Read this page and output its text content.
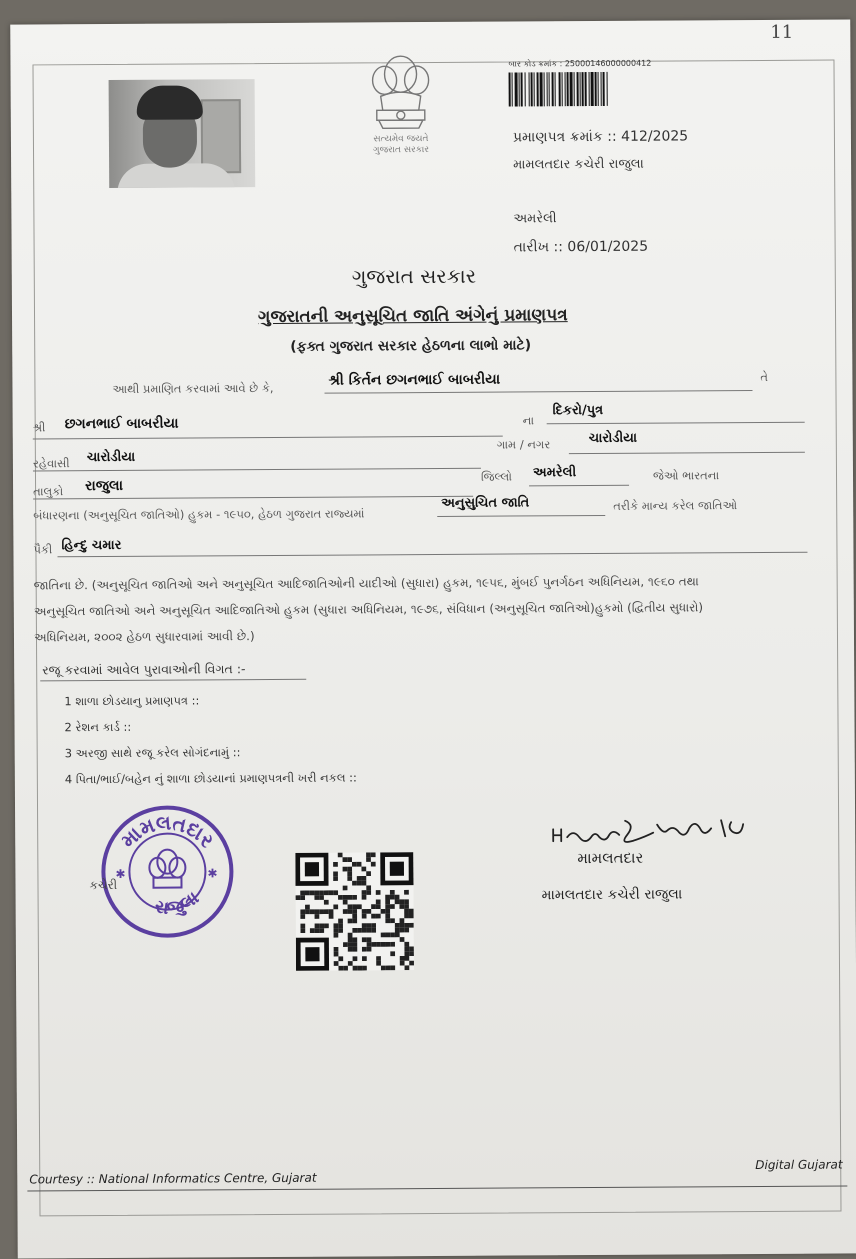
11
સત્યમેવ જયતે
ગુજરાત સરકાર
બાર કોડ ક્રમાંક : 25000146000000412
પ્રમાણપત્ર ક્રમાંક :: 412/2025
મામલતદાર કચેરી રાજુલા
અમરેલી
તારીખ :: 06/01/2025
ગુજરાત સરકાર
ગુજરાતની અનુસૂચિત જાતિ અંગેનું પ્રમાણપત્ર
(ફક્ત ગુજરાત સરકાર હેઠળના લાભો માટે)
આથી પ્રમાણિત કરવામાં આવે છે કે,	શ્રી કિર્તન છગનભાઈ બાબરીયા	તે
શ્રી છગનભાઈ બાબરીયા	ના
દિકરો/પુત્ર
રહેવાસી ચારોડીયા
ગામ / નગર	ચારોડીયા
તાલુકો રાજુલા
જિલ્લો અમરેલી	જેઓ ભારતના
બંધારણના (અનુસૂચિત જાતિઓ) હુકમ - ૧૯૫૦, હેઠળ ગુજરાત રાજ્યમાં
અનુસુચિત જાતિ	તરીકે માન્ય કરેલ જાતિઓ
પૈકી હિન્દુ ચમાર
જાતિના છે. (અનુસૂચિત જાતિઓ અને અનુસૂચિત આદિજાતિઓની યાદીઓ (સુધારા) હુકમ, ૧૯૫૬, મુંબઈ પુનર્ગઠન અધિનિયમ, ૧૯૬૦ તથા
અનુસૂચિત જાતિઓ અને અનુસૂચિત આદિજાતિઓ હુકમ (સુધારા અધિનિયમ, ૧૯૭૬, સંવિધાન (અનુસૂચિત જાતિઓ)હુકમો (દ્વિતીય સુધારો)
અધિનિયમ, ૨૦૦૨ હેઠળ સુધારવામાં આવી છે.)
રજૂ કરવામાં આવેલ પુરાવાઓની વિગત :-
1 શાળા છોડયાનુ પ્રમાણપત્ર ::
2 રેશન કાર્ડ ::
3 અરજી સાથે રજૂ કરેલ સોગંદનામું ::
4 પિતા/ભાઈ/બહેન નું શાળા છોડયાનાં પ્રમાણપત્રની ખરી નકલ ::
મામલતદાર
રાજુલા
✱	✱
કચેરી
મામલતદાર
મામલતદાર કચેરી રાજુલા
Courtesy :: National Informatics Centre, Gujarat
Digital Gujarat
